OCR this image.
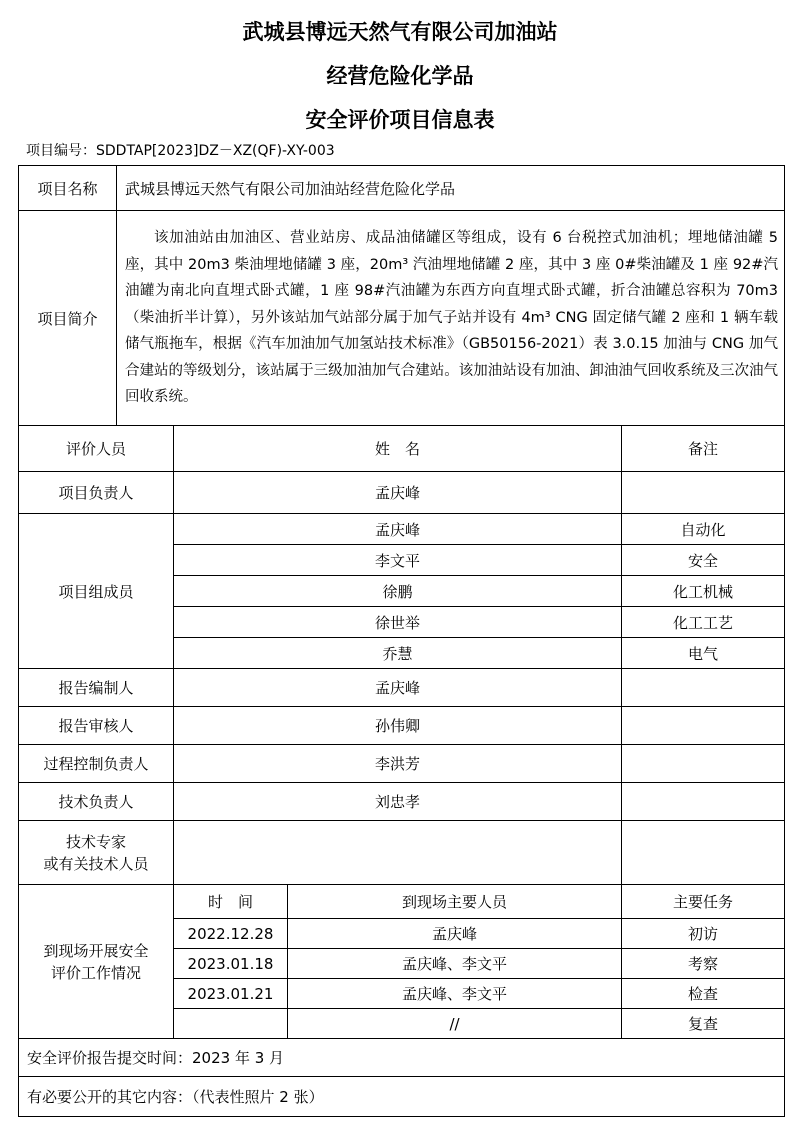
武城县博远天然气有限公司加油站
经营危险化学品
安全评价项目信息表
项目编号：SDDTAP[2023]DZ－XZ(QF)-XY-003
项目名称	武城县博远天然气有限公司加油站经营危险化学品			
项目简介	该加油站由加油区、营业站房、成品油储罐区等组成，设有 6 台税控式加油机；埋地储油罐 5 座，其中 20m3 柴油埋地储罐 3 座，20m³ 汽油埋地储罐 2 座，其中 3 座 0#柴油罐及 1 座 92#汽油罐为南北向直埋式卧式罐，1 座 98#汽油罐为东西方向直埋式卧式罐，折合油罐总容积为 70m3（柴油折半计算），另外该站加气站部分属于加气子站并设有 4m³ CNG 固定储气罐 2 座和 1 辆车载储气瓶拖车，根据《汽车加油加气加氢站技术标准》（GB50156-2021）表 3.0.15 加油与 CNG 加气合建站的等级划分，该站属于三级加油加气合建站。该加油站设有加油、卸油油气回收系统及三次油气回收系统。			
评价人员		姓　名		备注
项目负责人		孟庆峰		
项目组成员		孟庆峰		自动化
		李文平		安全
		徐鹏		化工机械
		徐世举		化工工艺
		乔慧		电气
报告编制人		孟庆峰		
报告审核人		孙伟卿		
过程控制负责人		李洪芳		
技术负责人		刘忠孝		

技术专家
或有关技术人员				

到现场开展安全
评价工作情况		时　间	到现场主要人员	主要任务
		2022.12.28	孟庆峰	初访
		2023.01.18	孟庆峰、李文平	考察
		2023.01.21	孟庆峰、李文平	检查
			//	复查
安全评价报告提交时间：2023 年 3 月				
有必要公开的其它内容：（代表性照片 2 张）				
